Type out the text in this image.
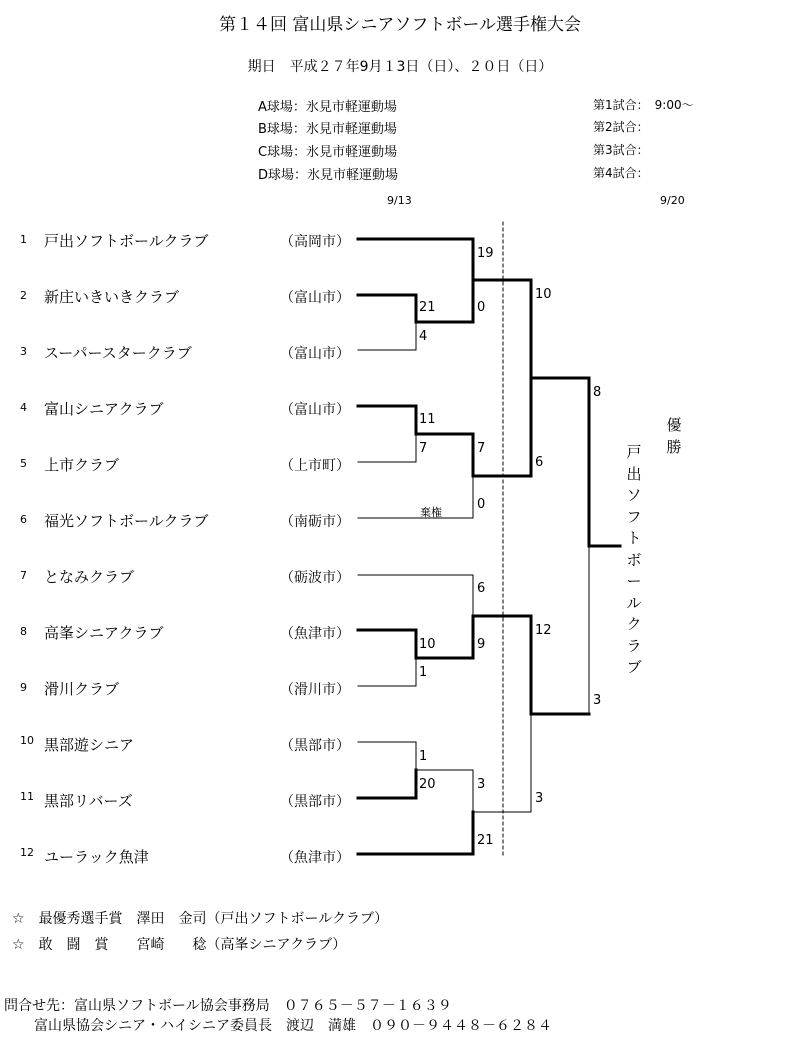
第１４回 富山県シニアソフトボール選手権大会
期日　平成２７年9月１3日（日）、２０日（日）
A球場：氷見市軽運動場
B球場：氷見市軽運動場
C球場：氷見市軽運動場
D球場：氷見市軽運動場
第1試合：　9:00～
第2試合：
第3試合：
第4試合：
9/13	9/20
1 戸出ソフトボールクラブ	（高岡市）
2 新庄いきいきクラブ	（富山市）
3 スーパースタークラブ	（富山市）
4 富山シニアクラブ	（富山市）
5 上市クラブ	（上市町）
6 福光ソフトボールクラブ	（南砺市）
7 となみクラブ	（砺波市）
8 高峯シニアクラブ	（魚津市）
9 滑川クラブ	（滑川市）
10 黒部遊シニア	（黒部市）
11 黒部リバーズ	（黒部市）
12 ユーラック魚津	（魚津市）
21
4
19
0
11
7	7
0
棄権
6
9
10
1
1
20	3
21
10
6
12
3
8
3
戸出ソフトボールクラブ
優勝
☆　 最優秀選手賞　澤田　金司（戸出ソフトボールクラブ）
☆　 敢　闘　賞　　宮崎　　稔（高峯シニアクラブ）
問合せ先：富山県ソフトボール協会事務局　０７６５－５７－１６３９
富山県協会シニア・ハイシニア委員長　渡辺　満雄　０９０－９４４８－６２８４
